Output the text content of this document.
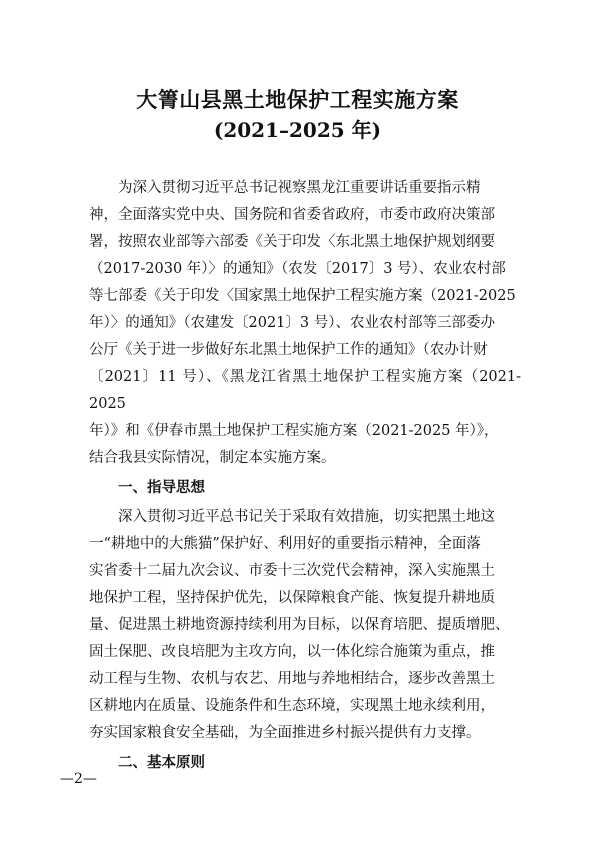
大箐山县黑土地保护工程实施方案
(2021–2025 年)

为深入贯彻习近平总书记视察黑龙江重要讲话重要指示精
神，全面落实党中央、国务院和省委省政府，市委市政府决策部
署，按照农业部等六部委《关于印发〈东北黑土地保护规划纲要
（2017-2030 年）〉的通知》（农发〔2017〕3 号）、农业农村部
等七部委《关于印发〈国家黑土地保护工程实施方案（2021-2025
年）〉的通知》（农建发〔2021〕3 号）、农业农村部等三部委办
公厅《关于进一步做好东北黑土地保护工作的通知》（农办计财
〔2021〕11 号）、《黑龙江省黑土地保护工程实施方案（2021-2025
年）》和《伊春市黑土地保护工程实施方案（2021-2025 年）》，
结合我县实际情况，制定本实施方案。

一、指导思想

深入贯彻习近平总书记关于采取有效措施，切实把黑土地这
一“耕地中的大熊猫”保护好、利用好的重要指示精神，全面落
实省委十二届九次会议、市委十三次党代会精神，深入实施黑土
地保护工程，坚持保护优先，以保障粮食产能、恢复提升耕地质
量、促进黑土耕地资源持续利用为目标，以保育培肥、提质增肥、
固土保肥、改良培肥为主攻方向，以一体化综合施策为重点，推
动工程与生物、农机与农艺、用地与养地相结合，逐步改善黑土
区耕地内在质量、设施条件和生态环境，实现黑土地永续利用，
夯实国家粮食安全基础，为全面推进乡村振兴提供有力支撑。

二、基本原则
—2—
